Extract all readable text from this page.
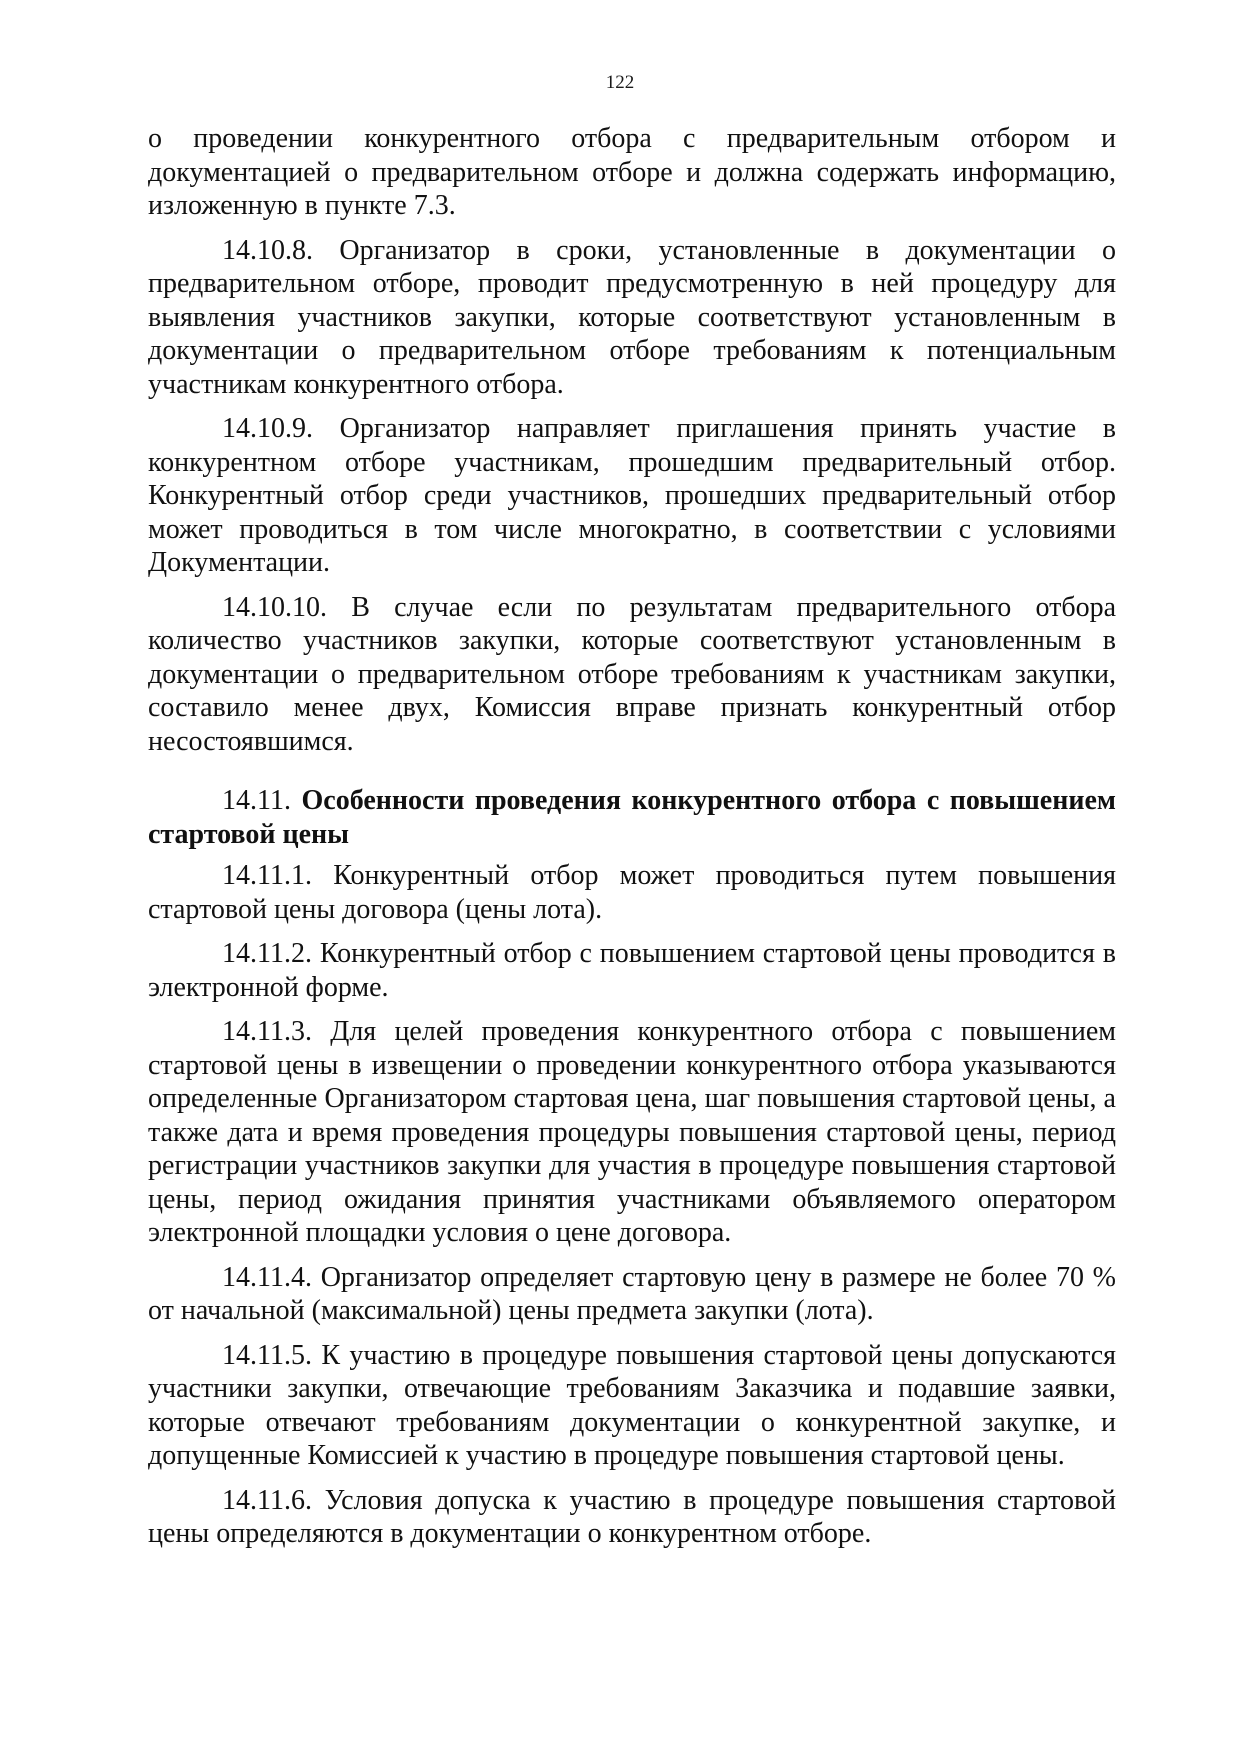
122

о проведении конкурентного отбора с предварительным отбором и документацией о предварительном отборе и должна содержать информацию, изложенную в пункте 7.3.

14.10.8. Организатор в сроки, установленные в документации о предварительном отборе, проводит предусмотренную в ней процедуру для выявления участников закупки, которые соответствуют установленным в документации о предварительном отборе требованиям к потенциальным участникам конкурентного отбора.

14.10.9. Организатор направляет приглашения принять участие в конкурентном отборе участникам, прошедшим предварительный отбор. Конкурентный отбор среди участников, прошедших предварительный отбор может проводиться в том числе многократно, в соответствии с условиями Документации.

14.10.10. В случае если по результатам предварительного отбора количество участников закупки, которые соответствуют установленным в документации о предварительном отборе требованиям к участникам закупки, составило менее двух, Комиссия вправе признать конкурентный отбор несостоявшимся.

14.11. Особенности проведения конкурентного отбора с повышением стартовой цены

14.11.1. Конкурентный отбор может проводиться путем повышения стартовой цены договора (цены лота).

14.11.2. Конкурентный отбор с повышением стартовой цены проводится в электронной форме.

14.11.3. Для целей проведения конкурентного отбора с повышением стартовой цены в извещении о проведении конкурентного отбора указываются определенные Организатором стартовая цена, шаг повышения стартовой цены, а также дата и время проведения процедуры повышения стартовой цены, период регистрации участников закупки для участия в процедуре повышения стартовой цены, период ожидания принятия участниками объявляемого оператором электронной площадки условия о цене договора.

14.11.4. Организатор определяет стартовую цену в размере не более 70 % от начальной (максимальной) цены предмета закупки (лота).

14.11.5. К участию в процедуре повышения стартовой цены допускаются участники закупки, отвечающие требованиям Заказчика и подавшие заявки, которые отвечают требованиям документации о конкурентной закупке, и допущенные Комиссией к участию в процедуре повышения стартовой цены.

14.11.6. Условия допуска к участию в процедуре повышения стартовой цены определяются в документации о конкурентном отборе.
